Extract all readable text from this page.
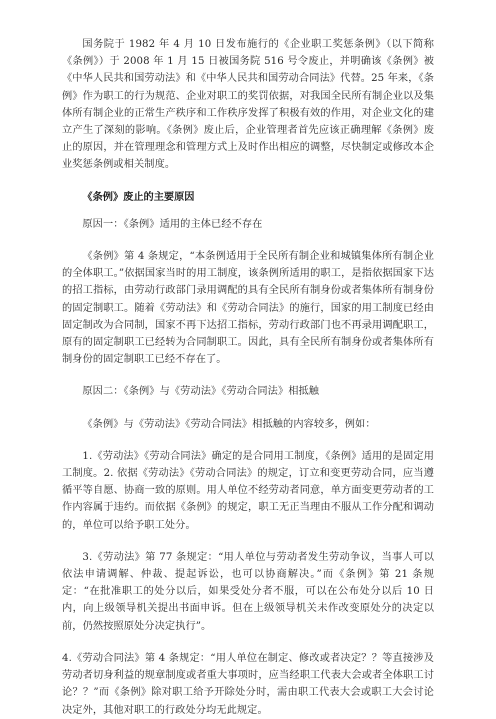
国务院于 1982 年 4 月 10 日发布施行的《企业职工奖惩条例》（以下简称《条例》）于 2008 年 1 月 15 日被国务院 516 号令废止，并明确该《条例》被《中华人民共和国劳动法》和《中华人民共和国劳动合同法》代替。25 年来，《条例》作为职工的行为规范、企业对职工的奖罚依据，对我国全民所有制企业以及集体所有制企业的正常生产秩序和工作秩序发挥了积极有效的作用，对企业文化的建立产生了深刻的影响。《条例》废止后，企业管理者首先应该正确理解《条例》废止的原因，并在管理理念和管理方式上及时作出相应的调整，尽快制定或修改本企业奖惩条例或相关制度。

《条例》废止的主要原因

原因一：《条例》适用的主体已经不存在

《条例》第 4 条规定，“本条例适用于全民所有制企业和城镇集体所有制企业的全体职工。”依据国家当时的用工制度，该条例所适用的职工，是指依据国家下达的招工指标，由劳动行政部门录用调配的具有全民所有制身份或者集体所有制身份的固定制职工。随着《劳动法》和《劳动合同法》的施行，国家的用工制度已经由固定制改为合同制，国家不再下达招工指标，劳动行政部门也不再录用调配职工，原有的固定制职工已经转为合同制职工。因此，具有全民所有制身份或者集体所有制身份的固定制职工已经不存在了。

原因二：《条例》与《劳动法》《劳动合同法》相抵触

《条例》与《劳动法》《劳动合同法》相抵触的内容较多，例如：

1.《劳动法》《劳动合同法》确定的是合同用工制度，《条例》适用的是固定用工制度。2. 依据《劳动法》《劳动合同法》的规定，订立和变更劳动合同，应当遵循平等自愿、协商一致的原则。用人单位不经劳动者同意，单方面变更劳动者的工作内容属于违约。而依据《条例》的规定，职工无正当理由不服从工作分配和调动的，单位可以给予职工处分。

3.《劳动法》第 77 条规定：“用人单位与劳动者发生劳动争议，当事人可以依法申请调解、仲裁、提起诉讼，也可以协商解决。”而《条例》第 21 条规定：“在批准职工的处分以后，如果受处分者不服，可以在公布处分以后 10 日内，向上级领导机关提出书面申诉。但在上级领导机关未作改变原处分的决定以前，仍然按照原处分决定执行”。

4.《劳动合同法》第 4 条规定：“用人单位在制定、修改或者决定？？等直接涉及劳动者切身利益的规章制度或者重大事项时，应当经职工代表大会或者全体职工讨论？？”而《条例》除对职工给予开除处分时，需由职工代表大会或职工大会讨论决定外，其他对职工的行政处分均无此规定。
